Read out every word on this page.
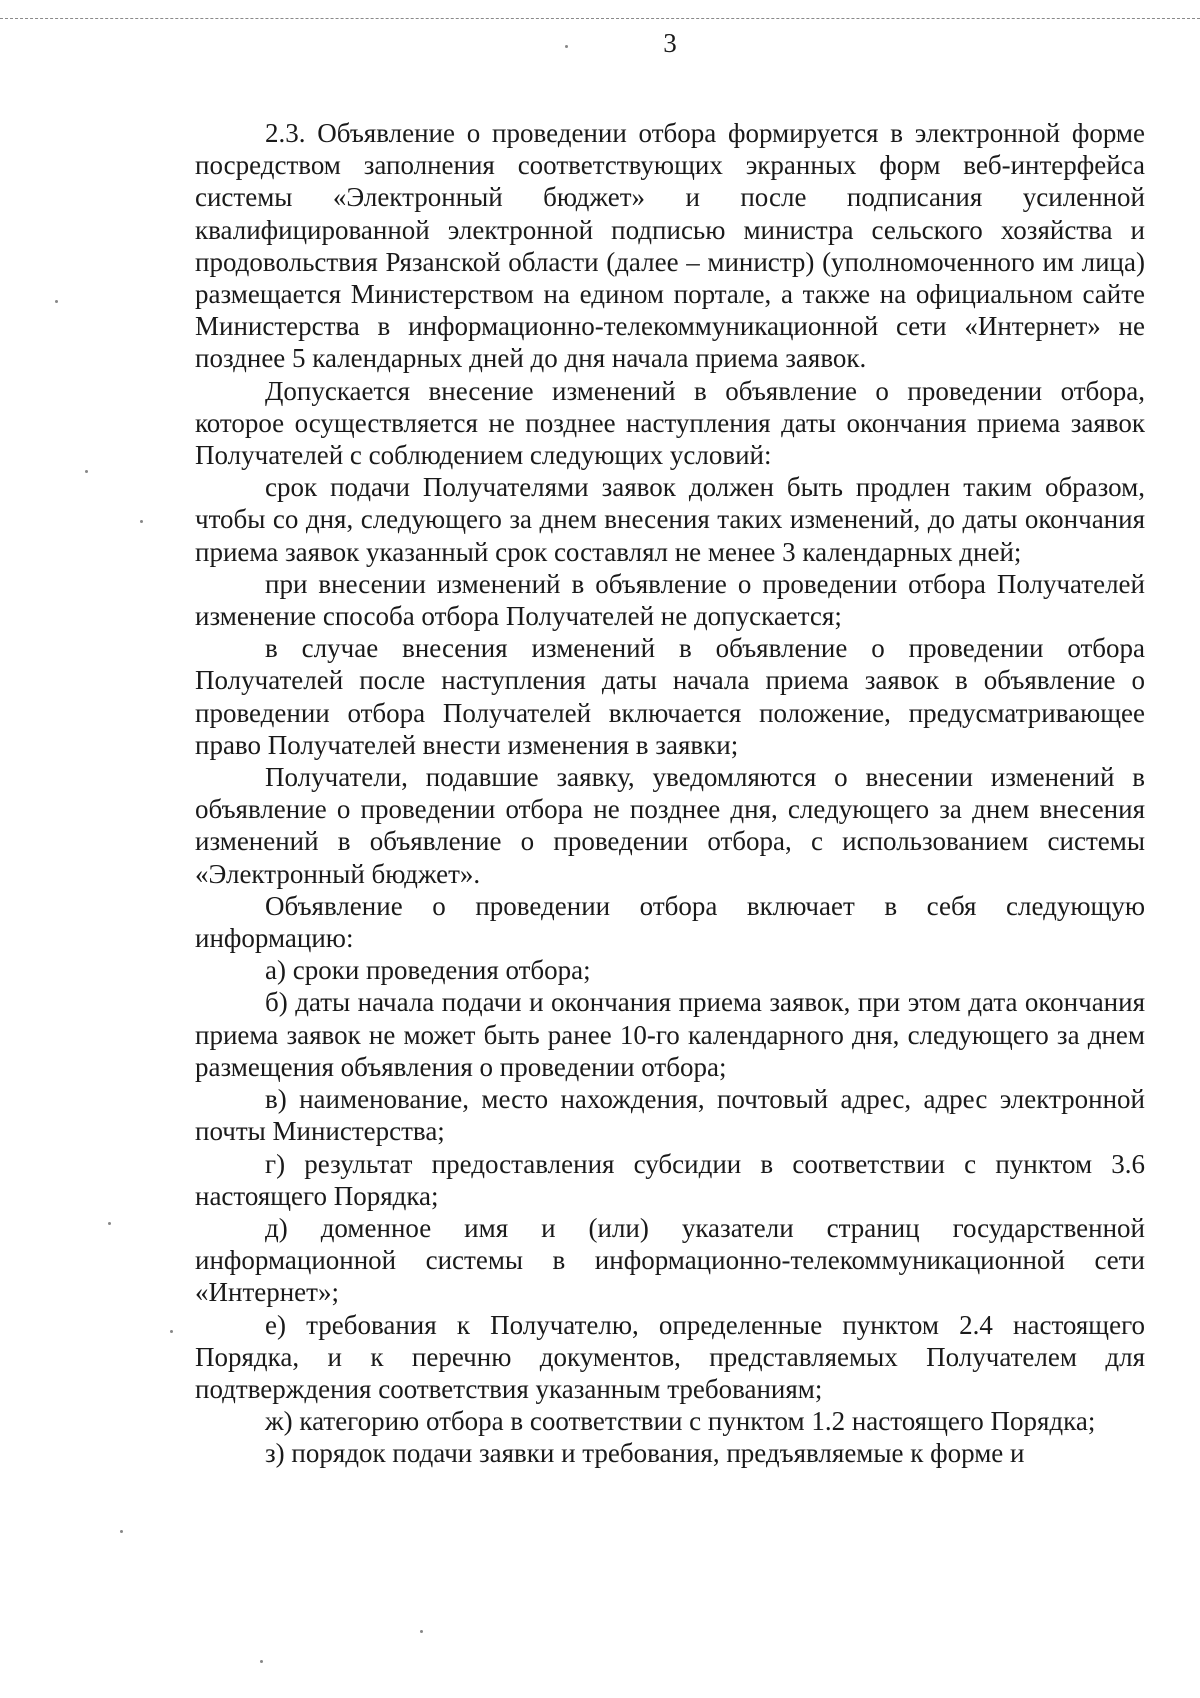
3

2.3. Объявление о проведении отбора формируется в электронной форме посредством заполнения соответствующих экранных форм веб-интерфейса системы «Электронный бюджет» и после подписания усиленной квалифицированной электронной подписью министра сельского хозяйства и продовольствия Рязанской области (далее – министр) (уполномоченного им лица) размещается Министерством на едином портале, а также на официальном сайте Министерства в информационно-телекоммуникационной сети «Интернет» не позднее 5 календарных дней до дня начала приема заявок.

Допускается внесение изменений в объявление о проведении отбора, которое осуществляется не позднее наступления даты окончания приема заявок Получателей с соблюдением следующих условий:

срок подачи Получателями заявок должен быть продлен таким образом, чтобы со дня, следующего за днем внесения таких изменений, до даты окончания приема заявок указанный срок составлял не менее 3 календарных дней;

при внесении изменений в объявление о проведении отбора Получателей изменение способа отбора Получателей не допускается;

в случае внесения изменений в объявление о проведении отбора Получателей после наступления даты начала приема заявок в объявление о проведении отбора Получателей включается положение, предусматривающее право Получателей внести изменения в заявки;

Получатели, подавшие заявку, уведомляются о внесении изменений в объявление о проведении отбора не позднее дня, следующего за днем внесения изменений в объявление о проведении отбора, с использованием системы «Электронный бюджет».

Объявление о проведении отбора включает в себя следующую информацию:

а) сроки проведения отбора;

б) даты начала подачи и окончания приема заявок, при этом дата окончания приема заявок не может быть ранее 10-го календарного дня, следующего за днем размещения объявления о проведении отбора;

в) наименование, место нахождения, почтовый адрес, адрес электронной почты Министерства;

г) результат предоставления субсидии в соответствии с пунктом 3.6 настоящего Порядка;

д) доменное имя и (или) указатели страниц государственной информационной системы в информационно-телекоммуникационной сети «Интернет»;

е) требования к Получателю, определенные пунктом 2.4 настоящего Порядка, и к перечню документов, представляемых Получателем для подтверждения соответствия указанным требованиям;

ж) категорию отбора в соответствии с пунктом 1.2 настоящего Порядка;

з) порядок подачи заявки и требования, предъявляемые к форме и
